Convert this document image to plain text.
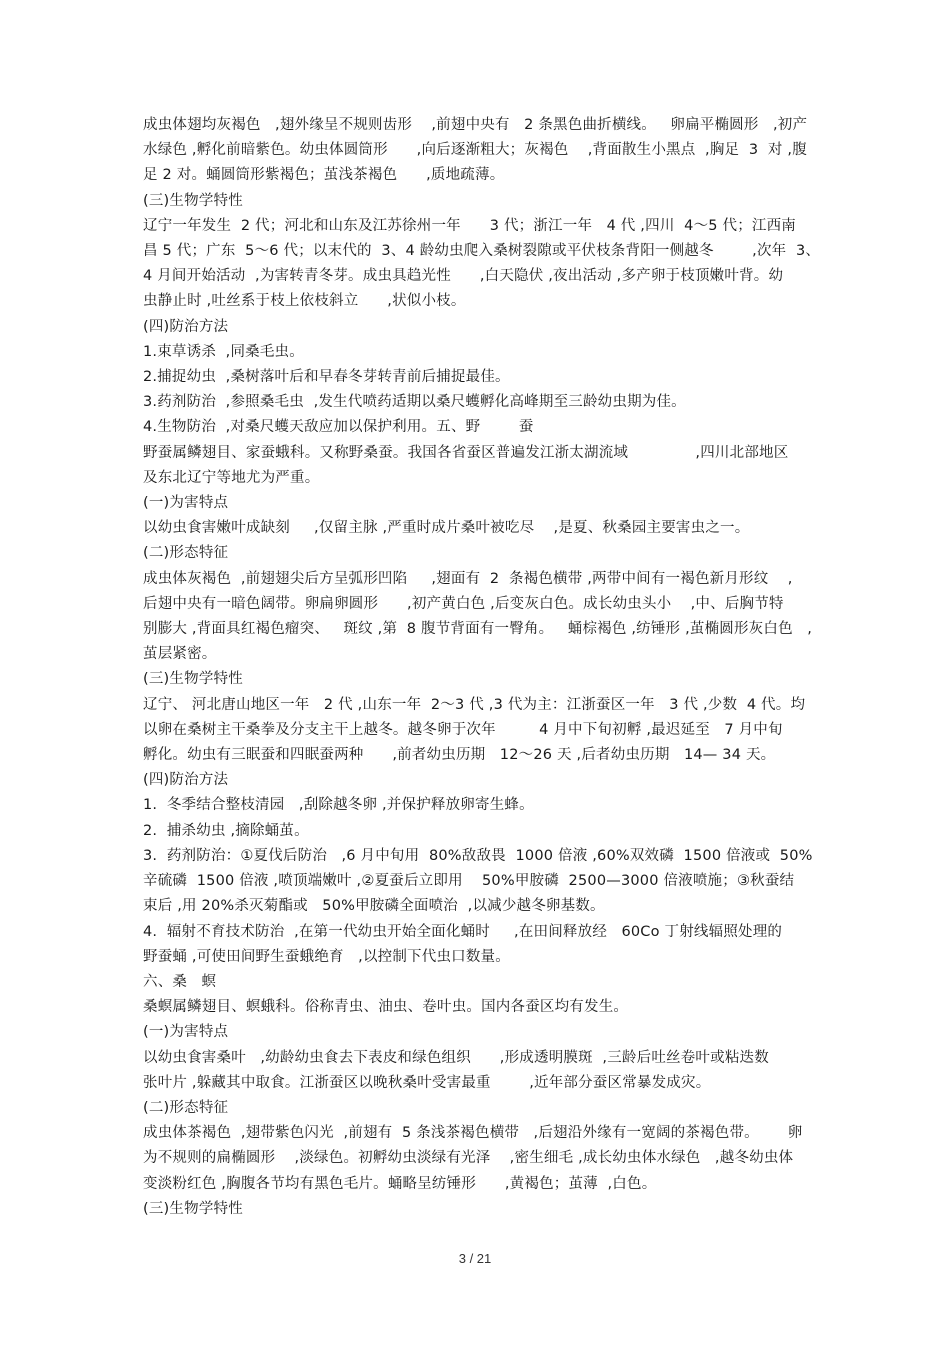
成虫体翅均灰褐色   ,翅外缘呈不规则齿形    ,前翅中央有   2 条黑色曲折横线。   卵扁平椭圆形   ,初产
水绿色 ,孵化前暗紫色。幼虫体圆筒形      ,向后逐渐粗大；灰褐色    ,背面散生小黑点  ,胸足  3  对 ,腹
足 2 对。蛹圆筒形紫褐色；茧浅茶褐色      ,质地疏薄。
(三)生物学特性
辽宁一年发生  2 代；河北和山东及江苏徐州一年      3 代；浙江一年   4 代 ,四川  4～5 代；江西南
昌 5 代；广东  5～6 代；以末代的  3、4 龄幼虫爬入桑树裂隙或平伏枝条背阳一侧越冬        ,次年  3、
4 月间开始活动  ,为害转青冬芽。成虫具趋光性      ,白天隐伏 ,夜出活动 ,多产卵于枝顶嫩叶背。幼
虫静止时 ,吐丝系于枝上依枝斜立      ,状似小枝。
(四)防治方法
1.束草诱杀  ,同桑毛虫。
2.捕捉幼虫  ,桑树落叶后和早春冬芽转青前后捕捉最佳。
3.药剂防治  ,参照桑毛虫  ,发生代喷药适期以桑尺蠖孵化高峰期至三龄幼虫期为佳。
4.生物防治  ,对桑尺蠖天敌应加以保护利用。五、野        蚕
野蚕属鳞翅目、家蚕蛾科。又称野桑蚕。我国各省蚕区普遍发江浙太湖流域              ,四川北部地区
及东北辽宁等地尤为严重。
(一)为害特点
以幼虫食害嫩叶成缺刻     ,仅留主脉 ,严重时成片桑叶被吃尽    ,是夏、秋桑园主要害虫之一。
(二)形态特征
成虫体灰褐色  ,前翅翅尖后方呈弧形凹陷     ,翅面有  2  条褐色横带 ,两带中间有一褐色新月形纹    ,
后翅中央有一暗色阔带。卵扁卵圆形      ,初产黄白色 ,后变灰白色。成长幼虫头小    ,中、后胸节特
别膨大 ,背面具红褐色瘤突、   斑纹 ,第  8 腹节背面有一臀角。   蛹棕褐色 ,纺锤形 ,茧椭圆形灰白色   ,
茧层紧密。
(三)生物学特性
辽宁、 河北唐山地区一年   2 代 ,山东一年  2～3 代 ,3 代为主：江浙蚕区一年   3 代 ,少数  4 代。均
以卵在桑树主干桑拳及分支主干上越冬。越冬卵于次年         4 月中下旬初孵 ,最迟延至   7 月中旬
孵化。幼虫有三眠蚕和四眠蚕两种      ,前者幼虫历期   12～26 天 ,后者幼虫历期   14— 34 天。
(四)防治方法
1.  冬季结合整枝清园   ,刮除越冬卵 ,并保护释放卵寄生蜂。
2.  捕杀幼虫 ,摘除蛹茧。
3.  药剂防治：①夏伐后防治   ,6 月中旬用  80%敌敌畏  1000 倍液 ,60%双效磷  1500 倍液或  50%
辛硫磷  1500 倍液 ,喷顶端嫩叶 ,②夏蚕后立即用    50%甲胺磷  2500—3000 倍液喷施；③秋蚕结
束后 ,用 20%杀灭菊酯或   50%甲胺磷全面喷治  ,以减少越冬卵基数。
4.  辐射不育技术防治  ,在第一代幼虫开始全面化蛹时     ,在田间释放经   60Co 丁射线辐照处理的
野蚕蛹 ,可使田间野生蚕蛾绝育   ,以控制下代虫口数量。
六、桑   螟
桑螟属鳞翅目、螟蛾科。俗称青虫、油虫、卷叶虫。国内各蚕区均有发生。
(一)为害特点
以幼虫食害桑叶   ,幼龄幼虫食去下表皮和绿色组织      ,形成透明膜斑  ,三龄后吐丝卷叶或粘迭数
张叶片 ,躲藏其中取食。江浙蚕区以晚秋桑叶受害最重        ,近年部分蚕区常暴发成灾。
(二)形态特征
成虫体茶褐色  ,翅带紫色闪光  ,前翅有  5 条浅茶褐色横带   ,后翅沿外缘有一宽阔的茶褐色带。      卵
为不规则的扁椭圆形    ,淡绿色。初孵幼虫淡绿有光泽    ,密生细毛 ,成长幼虫体水绿色   ,越冬幼虫体
变淡粉红色 ,胸腹各节均有黑色毛片。蛹略呈纺锤形      ,黄褐色；茧薄  ,白色。
(三)生物学特性
3 / 21
